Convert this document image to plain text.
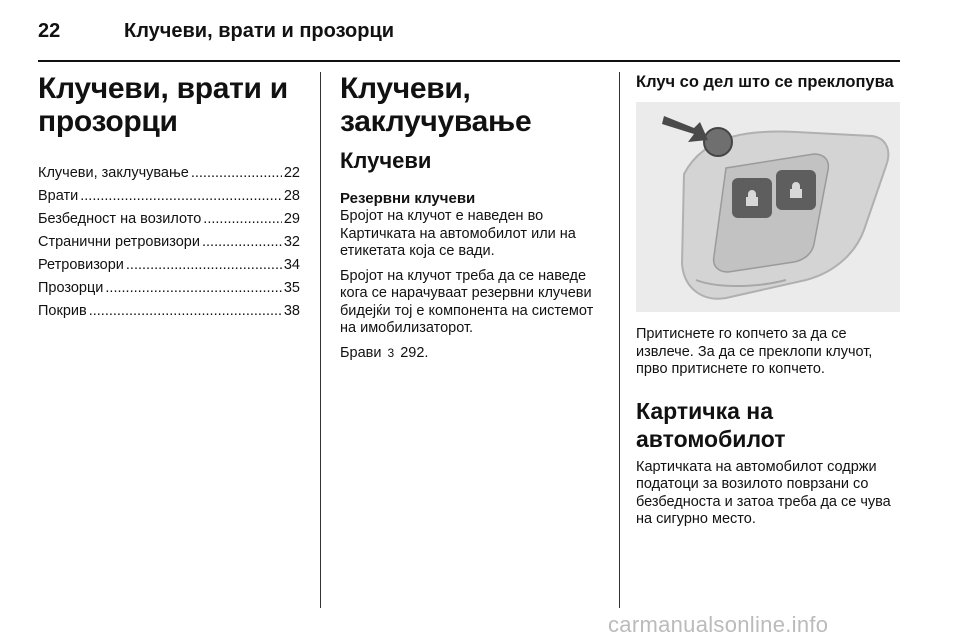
22	Клучеви, врати и прозорци
Клучеви, врати и прозорци
Клучеви, заклучување .....	22
Врати .....	28
Безбедност на возилото .....	29
Странични ретровизори .....	32
Ретровизори .....	34
Прозорци .....	35
Покрив .....	38
Клучеви, заклучување
Клучеви
Резервни клучеви

Бројот на клучот е наведен во Картичката на автомобилот или на етикетата која се вади.

Бројот на клучот треба да се наведе кога се нарачуваат резервни клучеви бидејќи тој е компонента на системот на имобилизаторот.

Брави 3 292.

Клуч со дел што се преклопува

Притиснете го копчето за да се извлече. За да се преклопи клучот, прво притиснете го копчето.

Картичка на автомобилот

Картичката на автомобилот содржи податоци за возилото поврзани со безбедноста и затоа треба да се чува на сигурно место.

carmanualsonline.info
